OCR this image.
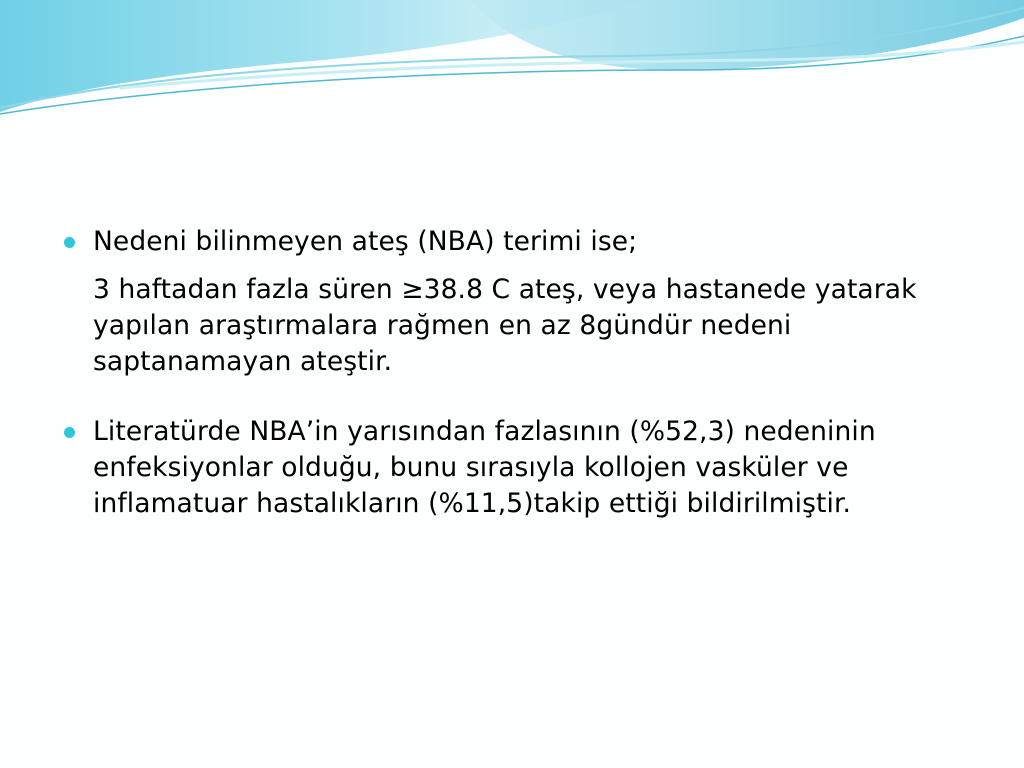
Nedeni bilinmeyen ateş (NBA) terimi ise;

3 haftadan fazla süren ≥38.8 C ateş, veya hastanede yatarak yapılan araştırmalara rağmen en az 8gündür nedeni saptanamayan ateştir.

Literatürde NBA’in yarısından fazlasının (%52,3) nedeninin enfeksiyonlar olduğu, bunu sırasıyla kollojen vasküler ve inflamatuar hastalıkların (%11,5)takip ettiği bildirilmiştir.
